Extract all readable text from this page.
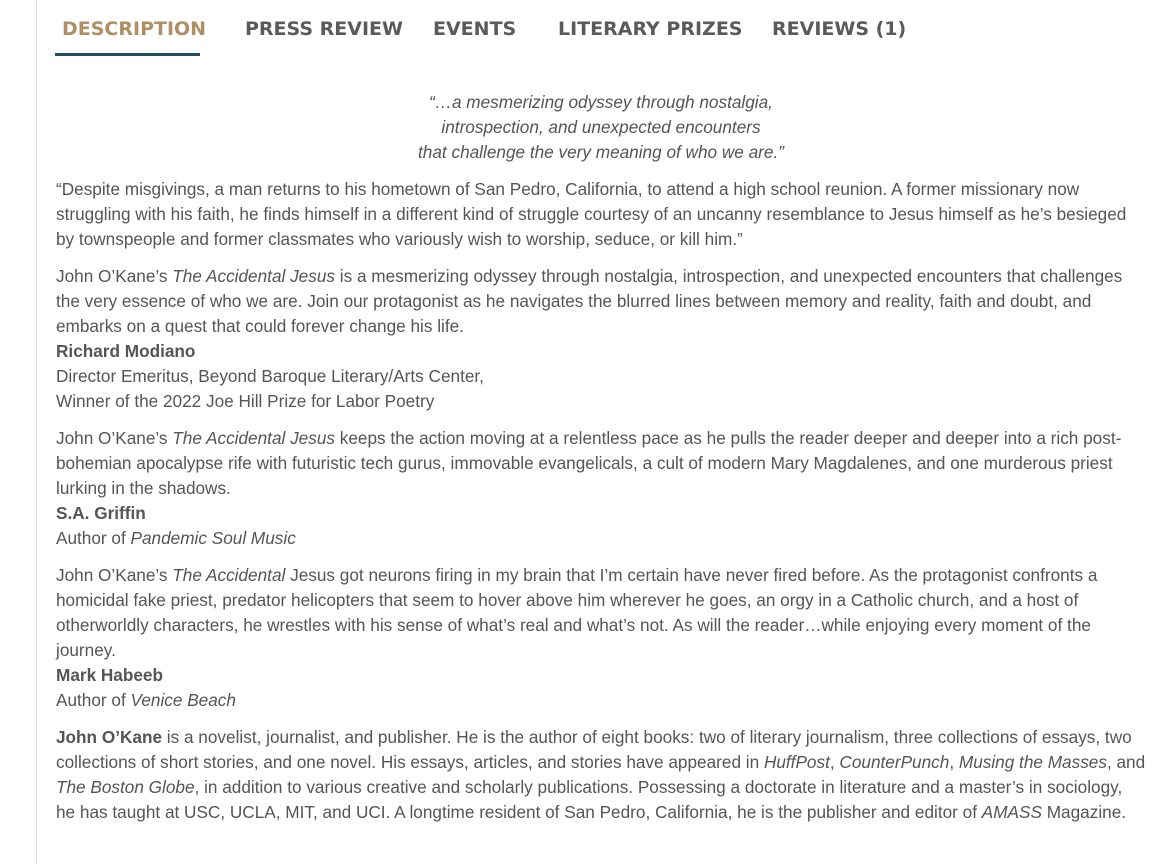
DESCRIPTION PRESS REVIEW EVENTS LITERARY PRIZES REVIEWS (1)
“…a mesmerizing odyssey through nostalgia,
introspection, and unexpected encounters
that challenge the very meaning of who we are.”

“Despite misgivings, a man returns to his hometown of San Pedro, California, to attend a high school reunion. A former missionary now struggling with his faith, he finds himself in a different kind of struggle courtesy of an uncanny resemblance to Jesus himself as he’s besieged by townspeople and former classmates who variously wish to worship, seduce, or kill him.”

John O’Kane’s The Accidental Jesus is a mesmerizing odyssey through nostalgia, introspection, and unexpected encounters that challenges the very essence of who we are. Join our protagonist as he navigates the blurred lines between memory and reality, faith and doubt, and embarks on a quest that could forever change his life.
Richard Modiano
Director Emeritus, Beyond Baroque Literary/Arts Center,
Winner of the 2022 Joe Hill Prize for Labor Poetry
John O’Kane’s The Accidental Jesus keeps the action moving at a relentless pace as he pulls the reader deeper and deeper into a rich post-bohemian apocalypse rife with futuristic tech gurus, immovable evangelicals, a cult of modern Mary Magdalenes, and one murderous priest lurking in the shadows.
S.A. Griffin
Author of Pandemic Soul Music
John O’Kane’s The Accidental Jesus got neurons firing in my brain that I’m certain have never fired before. As the protagonist confronts a homicidal fake priest, predator helicopters that seem to hover above him wherever he goes, an orgy in a Catholic church, and a host of otherworldly characters, he wrestles with his sense of what’s real and what’s not. As will the reader…while enjoying every moment of the journey.
Mark Habeeb
Author of Venice Beach

John O’Kane is a novelist, journalist, and publisher. He is the author of eight books: two of literary journalism, three collections of essays, two collections of short stories, and one novel. His essays, articles, and stories have appeared in HuffPost, CounterPunch, Musing the Masses, and The Boston Globe, in addition to various creative and scholarly publications. Possessing a doctorate in literature and a master’s in sociology, he has taught at USC, UCLA, MIT, and UCI. A longtime resident of San Pedro, California, he is the publisher and editor of AMASS Magazine.
